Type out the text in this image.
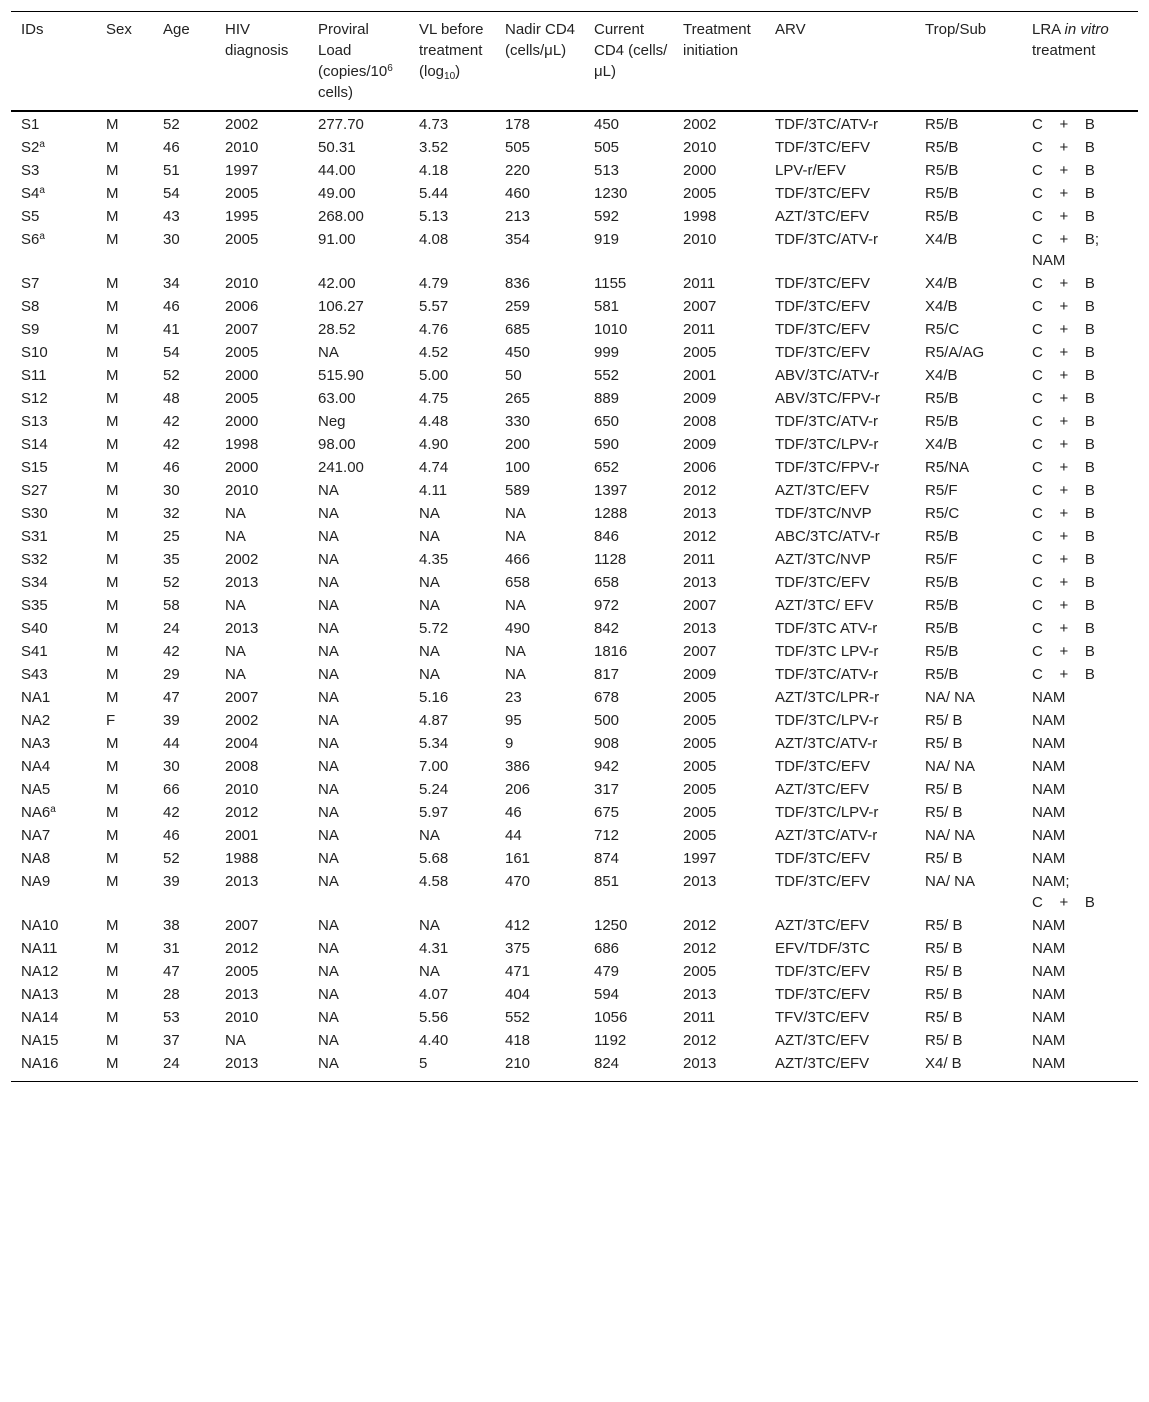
IDs	Sex	Age	HIV diagnosis	Proviral Load ($copies/10^6$ cells)	VL before treatment $(\log_{10})$	Nadir CD4 (cells/μL)	Current CD4 (cells/μL)	Treatment initiation	ARV	Trop/Sub	LRA in vitro treatment
S1	M	52	2002	277.70	4.73	178	450	2002	TDF/3TC/ATV-r	R5/B	C    +    B
S2$^a$	M	46	2010	50.31	3.52	505	505	2010	TDF/3TC/EFV	R5/B	C    +    B
S3	M	51	1997	44.00	4.18	220	513	2000	LPV-r/EFV	R5/B	C    +    B
S4$^a$	M	54	2005	49.00	5.44	460	1230	2005	TDF/3TC/EFV	R5/B	C    +    B
S5	M	43	1995	268.00	5.13	213	592	1998	AZT/3TC/EFV	R5/B	C    +    B
S6$^a$	M	30	2005	91.00	4.08	354	919	2010	TDF/3TC/ATV-r	X4/B	C    +    B; NAM
S7	M	34	2010	42.00	4.79	836	1155	2011	TDF/3TC/EFV	X4/B	C    +    B
S8	M	46	2006	106.27	5.57	259	581	2007	TDF/3TC/EFV	X4/B	C    +    B
S9	M	41	2007	28.52	4.76	685	1010	2011	TDF/3TC/EFV	R5/C	C    +    B
S10	M	54	2005	NA	4.52	450	999	2005	TDF/3TC/EFV	R5/A/AG	C    +    B
S11	M	52	2000	515.90	5.00	50	552	2001	ABV/3TC/ATV-r	X4/B	C    +    B
S12	M	48	2005	63.00	4.75	265	889	2009	ABV/3TC/FPV-r	R5/B	C    +    B
S13	M	42	2000	Neg	4.48	330	650	2008	TDF/3TC/ATV-r	R5/B	C    +    B
S14	M	42	1998	98.00	4.90	200	590	2009	TDF/3TC/LPV-r	X4/B	C    +    B
S15	M	46	2000	241.00	4.74	100	652	2006	TDF/3TC/FPV-r	R5/NA	C    +    B
S27	M	30	2010	NA	4.11	589	1397	2012	AZT/3TC/EFV	R5/F	C    +    B
S30	M	32	NA	NA	NA	NA	1288	2013	TDF/3TC/NVP	R5/C	C    +    B
S31	M	25	NA	NA	NA	NA	846	2012	ABC/3TC/ATV-r	R5/B	C    +    B
S32	M	35	2002	NA	4.35	466	1128	2011	AZT/3TC/NVP	R5/F	C    +    B
S34	M	52	2013	NA	NA	658	658	2013	TDF/3TC/EFV	R5/B	C    +    B
S35	M	58	NA	NA	NA	NA	972	2007	AZT/3TC/ EFV	R5/B	C    +    B
S40	M	24	2013	NA	5.72	490	842	2013	TDF/3TC ATV-r	R5/B	C    +    B
S41	M	42	NA	NA	NA	NA	1816	2007	TDF/3TC LPV-r	R5/B	C    +    B
S43	M	29	NA	NA	NA	NA	817	2009	TDF/3TC/ATV-r	R5/B	C    +    B
NA1	M	47	2007	NA	5.16	23	678	2005	AZT/3TC/LPR-r	NA/ NA	NAM
NA2	F	39	2002	NA	4.87	95	500	2005	TDF/3TC/LPV-r	R5/ B	NAM
NA3	M	44	2004	NA	5.34	9	908	2005	AZT/3TC/ATV-r	R5/ B	NAM
NA4	M	30	2008	NA	7.00	386	942	2005	TDF/3TC/EFV	NA/ NA	NAM
NA5	M	66	2010	NA	5.24	206	317	2005	AZT/3TC/EFV	R5/ B	NAM
NA6$^a$	M	42	2012	NA	5.97	46	675	2005	TDF/3TC/LPV-r	R5/ B	NAM
NA7	M	46	2001	NA	NA	44	712	2005	AZT/3TC/ATV-r	NA/ NA	NAM
NA8	M	52	1988	NA	5.68	161	874	1997	TDF/3TC/EFV	R5/ B	NAM
NA9	M	39	2013	NA	4.58	470	851	2013	TDF/3TC/EFV	NA/ NA	NAM; C    +    B
NA10	M	38	2007	NA	NA	412	1250	2012	AZT/3TC/EFV	R5/ B	NAM
NA11	M	31	2012	NA	4.31	375	686	2012	EFV/TDF/3TC	R5/ B	NAM
NA12	M	47	2005	NA	NA	471	479	2005	TDF/3TC/EFV	R5/ B	NAM
NA13	M	28	2013	NA	4.07	404	594	2013	TDF/3TC/EFV	R5/ B	NAM
NA14	M	53	2010	NA	5.56	552	1056	2011	TFV/3TC/EFV	R5/ B	NAM
NA15	M	37	NA	NA	4.40	418	1192	2012	AZT/3TC/EFV	R5/ B	NAM
NA16	M	24	2013	NA	5	210	824	2013	AZT/3TC/EFV	X4/ B	NAM
